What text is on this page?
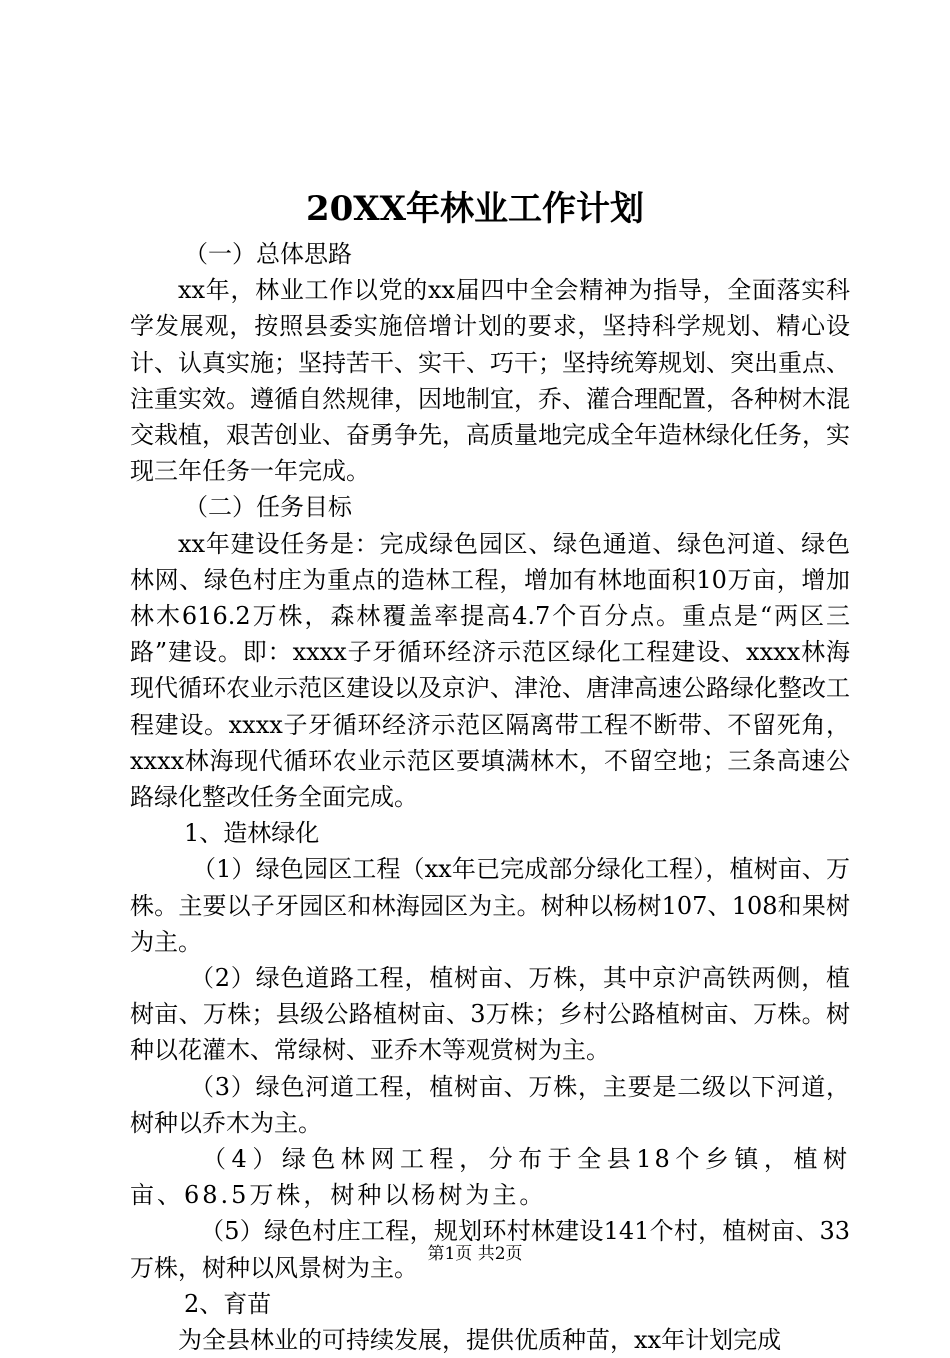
20XX年林业工作计划

（一）总体思路

xx年，林业工作以党的xx届四中全会精神为指导，全面落实科学发展观，按照县委实施倍增计划的要求，坚持科学规划、精心设计、认真实施；坚持苦干、实干、巧干；坚持统筹规划、突出重点、注重实效。遵循自然规律，因地制宜，乔、灌合理配置，各种树木混交栽植，艰苦创业、奋勇争先，高质量地完成全年造林绿化任务，实现三年任务一年完成。

（二）任务目标

xx年建设任务是：完成绿色园区、绿色通道、绿色河道、绿色林网、绿色村庄为重点的造林工程，增加有林地面积10万亩，增加林木616.2万株，森林覆盖率提高4.7个百分点。重点是“两区三路”建设。即：xxxx子牙循环经济示范区绿化工程建设、xxxx林海现代循环农业示范区建设以及京沪、津沧、唐津高速公路绿化整改工程建设。xxxx子牙循环经济示范区隔离带工程不断带、不留死角，xxxx林海现代循环农业示范区要填满林木，不留空地；三条高速公路绿化整改任务全面完成。

1、造林绿化

（1）绿色园区工程（xx年已完成部分绿化工程），植树亩、万株。主要以子牙园区和林海园区为主。树种以杨树107、108和果树为主。

（2）绿色道路工程，植树亩、万株，其中京沪高铁两侧，植树亩、万株；县级公路植树亩、3万株；乡村公路植树亩、万株。树种以花灌木、常绿树、亚乔木等观赏树为主。

（3）绿色河道工程，植树亩、万株，主要是二级以下河道，树种以乔木为主。

（4）绿色林网工程，分布于全县18个乡镇，植树亩、68.5万株，树种以杨树为主。

（5）绿色村庄工程，规划环村林建设141个村，植树亩、33万株，树种以风景树为主。

2、育苗

为全县林业的可持续发展，提供优质种苗，xx年计划完成

第1页 共2页
